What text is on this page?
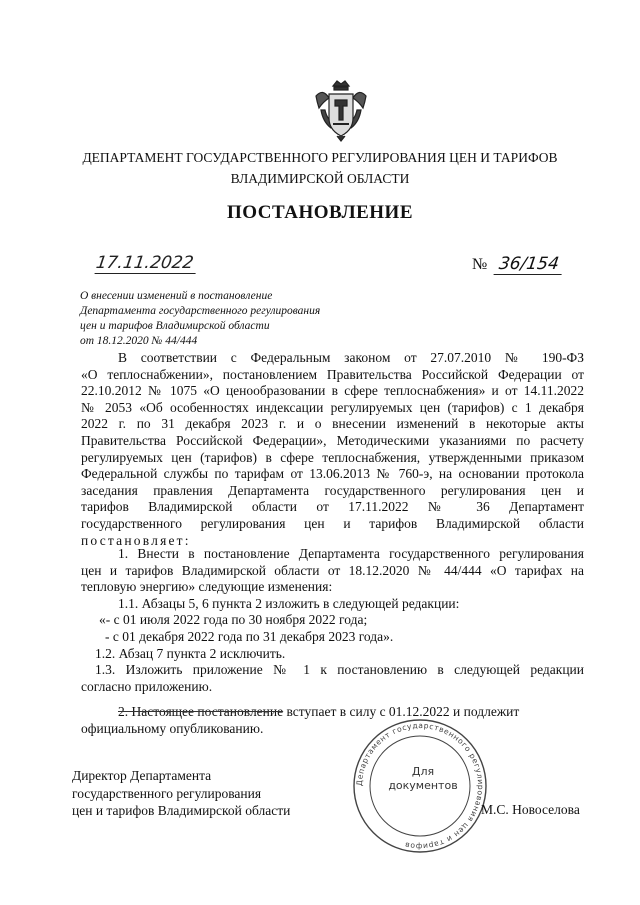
ДЕПАРТАМЕНТ ГОСУДАРСТВЕННОГО РЕГУЛИРОВАНИЯ ЦЕН И ТАРИФОВ
ВЛАДИМИРСКОЙ ОБЛАСТИ
ПОСТАНОВЛЕНИЕ
17.11.2022	№ 36/154
О внесении изменений в постановление
Департамента государственного регулирования
цен и тарифов Владимирской области
от 18.12.2020 № 44/444
В соответствии с Федеральным законом от 27.07.2010 № 190-ФЗ
«О теплоснабжении», постановлением Правительства Российской Федерации от
22.10.2012 № 1075 «О ценообразовании в сфере теплоснабжения» и от 14.11.2022
№ 2053 «Об особенностях индексации регулируемых цен (тарифов) с 1 декабря
2022 г. по 31 декабря 2023 г. и о внесении изменений в некоторые акты
Правительства Российской Федерации», Методическими указаниями по расчету
регулируемых цен (тарифов) в сфере теплоснабжения, утвержденными приказом
Федеральной службы по тарифам от 13.06.2013 № 760-э, на основании протокола
заседания правления Департамента государственного регулирования цен и
тарифов Владимирской области от 17.11.2022 № 36 Департамент
государственного регулирования цен и тарифов Владимирской области
постановляет:
1. Внести в постановление Департамента государственного регулирования
цен и тарифов Владимирской области от 18.12.2020 № 44/444 «О тарифах на
тепловую энергию» следующие изменения:
1.1. Абзацы 5, 6 пункта 2 изложить в следующей редакции:
«- с 01 июля 2022 года по 30 ноября 2022 года;
- с 01 декабря 2022 года по 31 декабря 2023 года».
1.2. Абзац 7 пункта 2 исключить.
1.3. Изложить приложение № 1 к постановлению в следующей редакции
согласно приложению.
2. Настоящее постановление вступает в силу с 01.12.2022 и подлежит
официальному опубликованию.
Директор Департамента
государственного регулирования
цен и тарифов Владимирской области
Департамент государственного регулирования цен и тарифов
Для
документов
М.С. Новоселова
